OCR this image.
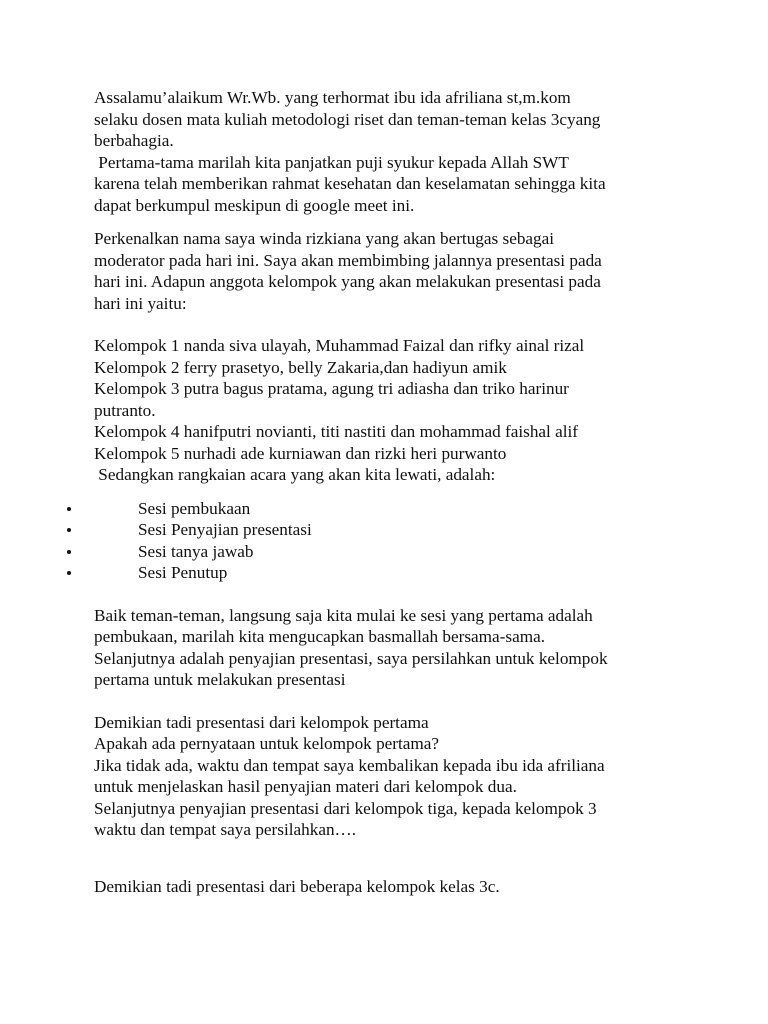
Assalamu’alaikum Wr.Wb. yang terhormat ibu ida afriliana st,m.kom

selaku dosen mata kuliah metodologi riset dan teman-teman kelas 3cyang

berbahagia.

Pertama-tama marilah kita panjatkan puji syukur kepada Allah SWT

karena telah memberikan rahmat kesehatan dan keselamatan sehingga kita

dapat berkumpul meskipun di google meet ini.

Perkenalkan nama saya winda rizkiana yang akan bertugas sebagai

moderator pada hari ini. Saya akan membimbing jalannya presentasi pada

hari ini. Adapun anggota kelompok yang akan melakukan presentasi pada

hari ini yaitu:

Kelompok 1 nanda siva ulayah, Muhammad Faizal dan rifky ainal rizal

Kelompok 2 ferry prasetyo, belly Zakaria,dan hadiyun amik

Kelompok 3 putra bagus pratama, agung tri adiasha dan triko harinur

putranto.

Kelompok 4 hanifputri novianti, titi nastiti dan mohammad faishal alif

Kelompok 5 nurhadi ade kurniawan dan rizki heri purwanto

Sedangkan rangkaian acara yang akan kita lewati, adalah:

Sesi pembukaan
Sesi Penyajian presentasi
Sesi tanya jawab
Sesi Penutup

Baik teman-teman, langsung saja kita mulai ke sesi yang pertama adalah

pembukaan, marilah kita mengucapkan basmallah bersama-sama.

Selanjutnya adalah penyajian presentasi, saya persilahkan untuk kelompok

pertama untuk melakukan presentasi

Demikian tadi presentasi dari kelompok pertama

Apakah ada pernyataan untuk kelompok pertama?

Jika tidak ada, waktu dan tempat saya kembalikan kepada ibu ida afriliana

untuk menjelaskan hasil penyajian materi dari kelompok dua.

Selanjutnya penyajian presentasi dari kelompok tiga, kepada kelompok 3

waktu dan tempat saya persilahkan….

Demikian tadi presentasi dari beberapa kelompok kelas 3c.
